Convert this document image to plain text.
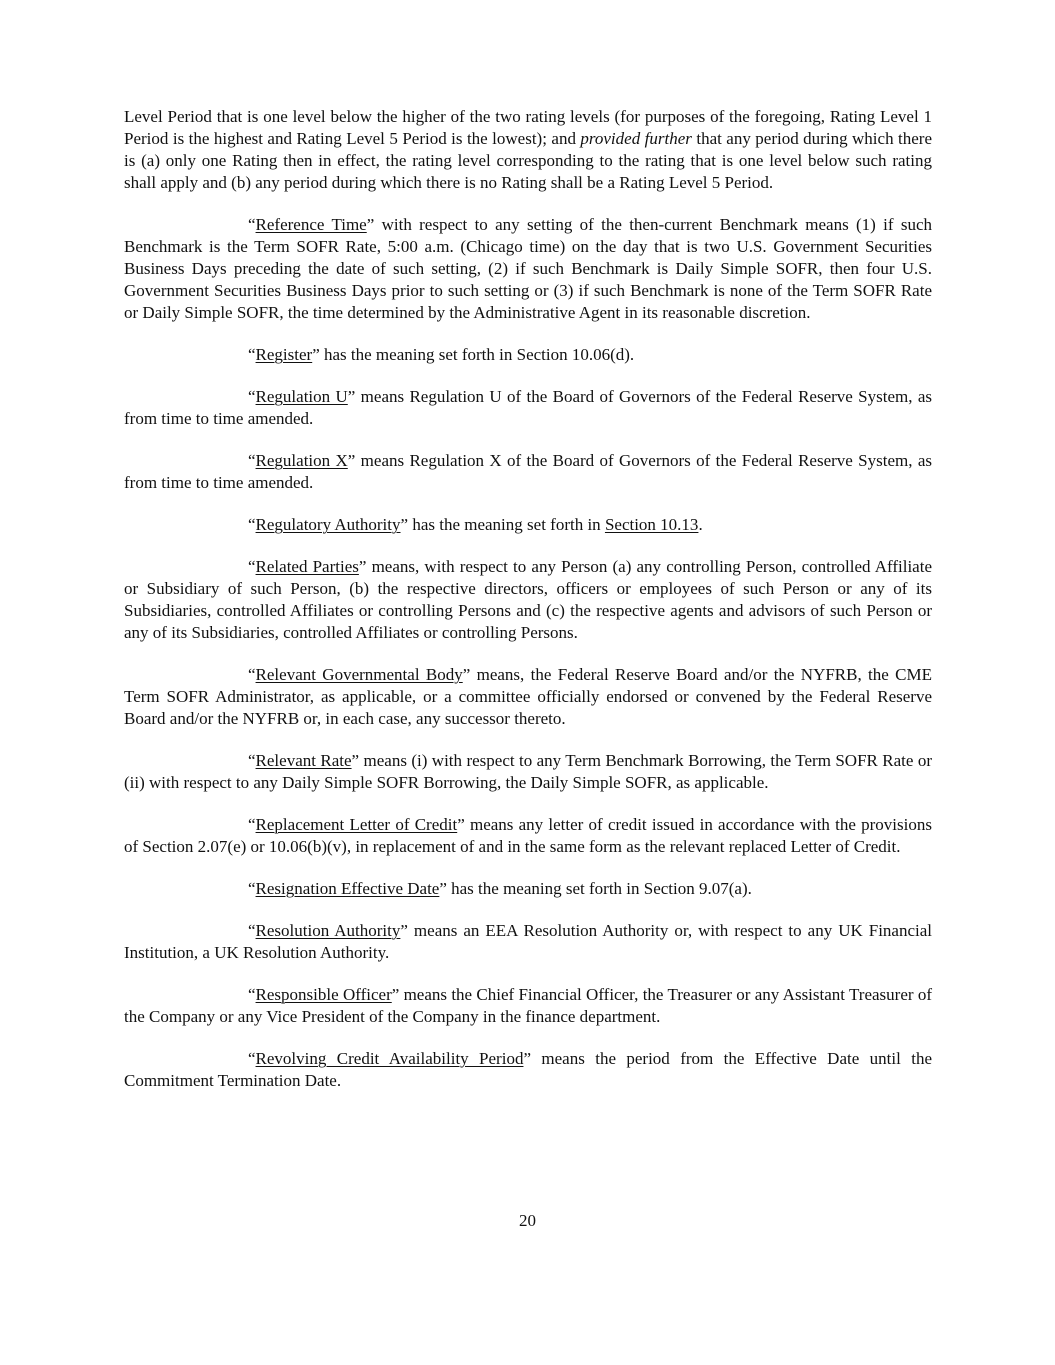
Level Period that is one level below the higher of the two rating levels (for purposes of the foregoing, Rating Level 1 Period is the highest and Rating Level 5 Period is the lowest); and provided further that any period during which there is (a) only one Rating then in effect, the rating level corresponding to the rating that is one level below such rating shall apply and (b) any period during which there is no Rating shall be a Rating Level 5 Period.

“Reference Time” with respect to any setting of the then-current Benchmark means (1) if such Benchmark is the Term SOFR Rate, 5:00 a.m. (Chicago time) on the day that is two U.S. Government Securities Business Days preceding the date of such setting, (2) if such Benchmark is Daily Simple SOFR, then four U.S. Government Securities Business Days prior to such setting or (3) if such Benchmark is none of the Term SOFR Rate or Daily Simple SOFR, the time determined by the Administrative Agent in its reasonable discretion.

“Register” has the meaning set forth in Section 10.06(d).

“Regulation U” means Regulation U of the Board of Governors of the Federal Reserve System, as from time to time amended.

“Regulation X” means Regulation X of the Board of Governors of the Federal Reserve System, as from time to time amended.

“Regulatory Authority” has the meaning set forth in Section 10.13.

“Related Parties” means, with respect to any Person (a) any controlling Person, controlled Affiliate or Subsidiary of such Person, (b) the respective directors, officers or employees of such Person or any of its Subsidiaries, controlled Affiliates or controlling Persons and (c) the respective agents and advisors of such Person or any of its Subsidiaries, controlled Affiliates or controlling Persons.

“Relevant Governmental Body” means, the Federal Reserve Board and/or the NYFRB, the CME Term SOFR Administrator, as applicable, or a committee officially endorsed or convened by the Federal Reserve Board and/or the NYFRB or, in each case, any successor thereto.

“Relevant Rate” means (i) with respect to any Term Benchmark Borrowing, the Term SOFR Rate or (ii) with respect to any Daily Simple SOFR Borrowing, the Daily Simple SOFR, as applicable.

“Replacement Letter of Credit” means any letter of credit issued in accordance with the provisions of Section 2.07(e) or 10.06(b)(v), in replacement of and in the same form as the relevant replaced Letter of Credit.

“Resignation Effective Date” has the meaning set forth in Section 9.07(a).

“Resolution Authority” means an EEA Resolution Authority or, with respect to any UK Financial Institution, a UK Resolution Authority.

“Responsible Officer” means the Chief Financial Officer, the Treasurer or any Assistant Treasurer of the Company or any Vice President of the Company in the finance department.

“Revolving Credit Availability Period” means the period from the Effective Date until the Commitment Termination Date.

20
